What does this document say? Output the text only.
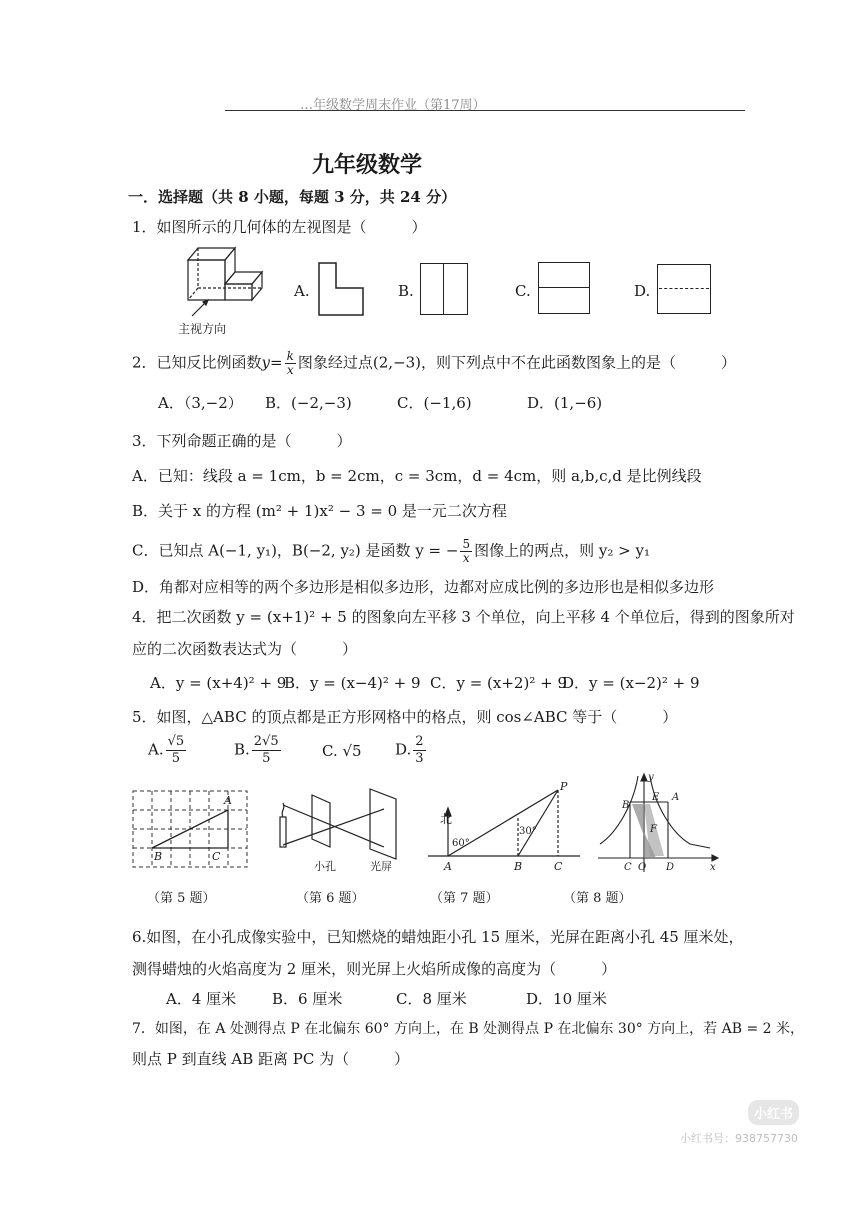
…年级数学周末作业（第17周）
九年级数学
一．选择题（共 8 小题，每题 3 分，共 24 分）
1．如图所示的几何体的左视图是（　　　）
主视方向
A.	B.	C.	D.
2．已知反比例函数$y= \frac{k}{x}$ 图象经过点(2,−3)，则下列点中不在此函数图象上的是（　　　）
A．（3,−2） B．(−2,−3)	C．(−1,6)	D．(1,−6)
3．下列命题正确的是（　　　）
A．已知：线段 a = 1cm，b = 2cm，c = 3cm，d = 4cm，则 a,b,c,d 是比例线段
B．关于 x 的方程 (m² + 1)x² − 3 = 0 是一元二次方程
C．已知点 A(−1, y₁)，B(−2, y₂) 是函数 y = − $\frac{5}{x}$ 图像上的两点，则 y₂ > y₁
D．角都对应相等的两个多边形是相似多边形，边都对应成比例的多边形也是相似多边形
4．把二次函数 y = (x+1)² + 5 的图象向左平移 3 个单位，向上平移 4 个单位后，得到的图象所对
应的二次函数表达式为（　　　）
A．y = (x+4)² + 9
B．y = (x−4)² + 9 C．y = (x+2)² + 9
D．y = (x−2)² + 9
5．如图，△ABC 的顶点都是正方形网格中的格点，则 cos∠ABC 等于（　　　）
A. $\frac{√5}{5}$	B. $\frac{2√5}{5}$	C. √5 D. $\frac{2}{3}$
A
B	C
小孔	光屏
60°
30°
A	B	C
P
北
B
E A
F
C O D	x
y
（第 5 题）	（第 6 题）	（第 7 题）	（第 8 题）
6.如图，在小孔成像实验中，已知燃烧的蜡烛距小孔 15 厘米，光屏在距离小孔 45 厘米处，
测得蜡烛的火焰高度为 2 厘米，则光屏上火焰所成像的高度为（　　　）
A．4 厘米 B．6 厘米	C．8 厘米	D．10 厘米
7．如图，在 A 处测得点 P 在北偏东 60° 方向上，在 B 处测得点 P 在北偏东 30° 方向上，若 AB = 2 米，
则点 P 到直线 AB 距离 PC 为（　　　）
小红书
小红书号：938757730
